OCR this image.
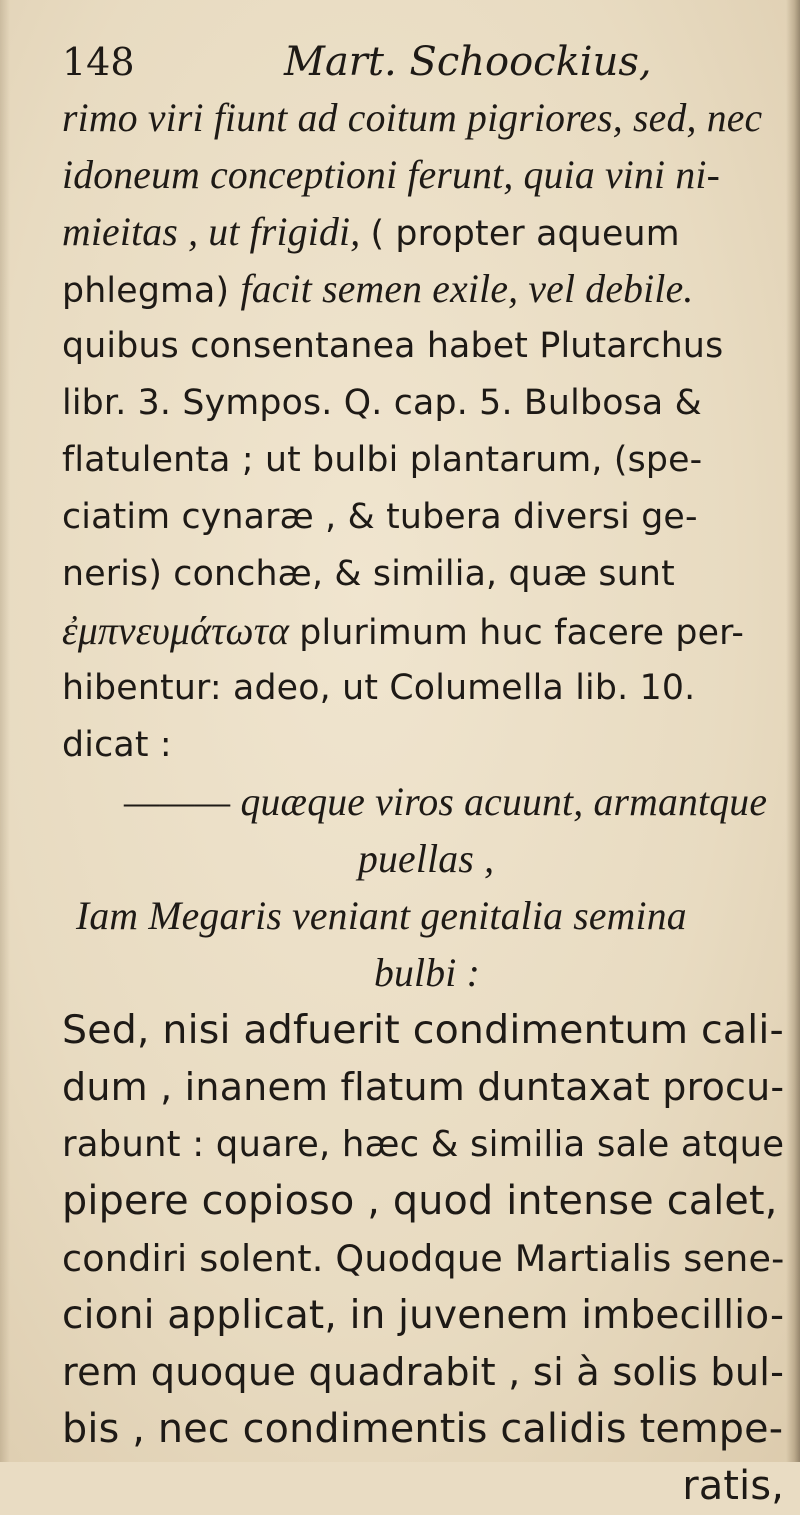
148	Mart. Schoockius,
rimo viri fiunt ad coitum pigriores, sed, nec
idoneum conceptioni ferunt, quia vini ni-
mieitas , ut frigidi, ( propter aqueum
phlegma) facit semen exile, vel debile.
quibus consentanea habet Plutarchus
libr. 3. Sympos. Q. cap. 5. Bulbosa &
flatulenta ; ut bulbi plantarum, (spe-
ciatim cynaræ , & tubera diversi ge-
neris) conchæ, & similia, quæ sunt
ἐμπνευμάτωτα plurimum huc facere per-
hibentur: adeo, ut Columella lib. 10.
dicat :
——— quæque viros acuunt, armantque
puellas ,
Iam Megaris veniant genitalia semina
bulbi :
Sed, nisi adfuerit condimentum cali-
dum , inanem flatum duntaxat procu-
rabunt : quare, hæc & similia sale atque
pipere copioso , quod intense calet,
condiri solent. Quodque Martialis sene-
cioni applicat, in juvenem imbecillio-
rem quoque quadrabit , si à solis bul-
bis , nec condimentis calidis tempe-
ratis,
